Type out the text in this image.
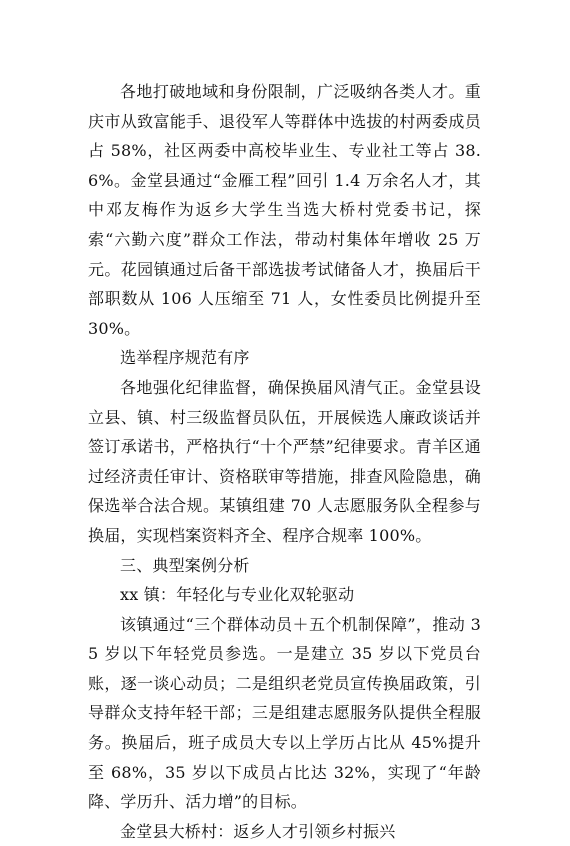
各地打破地域和身份限制，广泛吸纳各类人才。重庆市从致富能手、退役军人等群体中选拔的村两委成员占 58%，社区两委中高校毕业生、专业社工等占 38.6%。金堂县通过“金雁工程”回引 1.4 万余名人才，其中邓友梅作为返乡大学生当选大桥村党委书记，探索“六勤六度”群众工作法，带动村集体年增收 25 万元。花园镇通过后备干部选拔考试储备人才，换届后干部职数从 106 人压缩至 71 人，女性委员比例提升至 30%。

选举程序规范有序

各地强化纪律监督，确保换届风清气正。金堂县设立县、镇、村三级监督员队伍，开展候选人廉政谈话并签订承诺书，严格执行“十个严禁”纪律要求。青羊区通过经济责任审计、资格联审等措施，排查风险隐患，确保选举合法合规。某镇组建 70 人志愿服务队全程参与换届，实现档案资料齐全、程序合规率 100%。

三、典型案例分析

xx 镇：年轻化与专业化双轮驱动

该镇通过“三个群体动员＋五个机制保障”，推动 35 岁以下年轻党员参选。一是建立 35 岁以下党员台账，逐一谈心动员；二是组织老党员宣传换届政策，引导群众支持年轻干部；三是组建志愿服务队提供全程服务。换届后，班子成员大专以上学历占比从 45%提升至 68%，35 岁以下成员占比达 32%，实现了“年龄降、学历升、活力增”的目标。

金堂县大桥村：返乡人才引领乡村振兴
